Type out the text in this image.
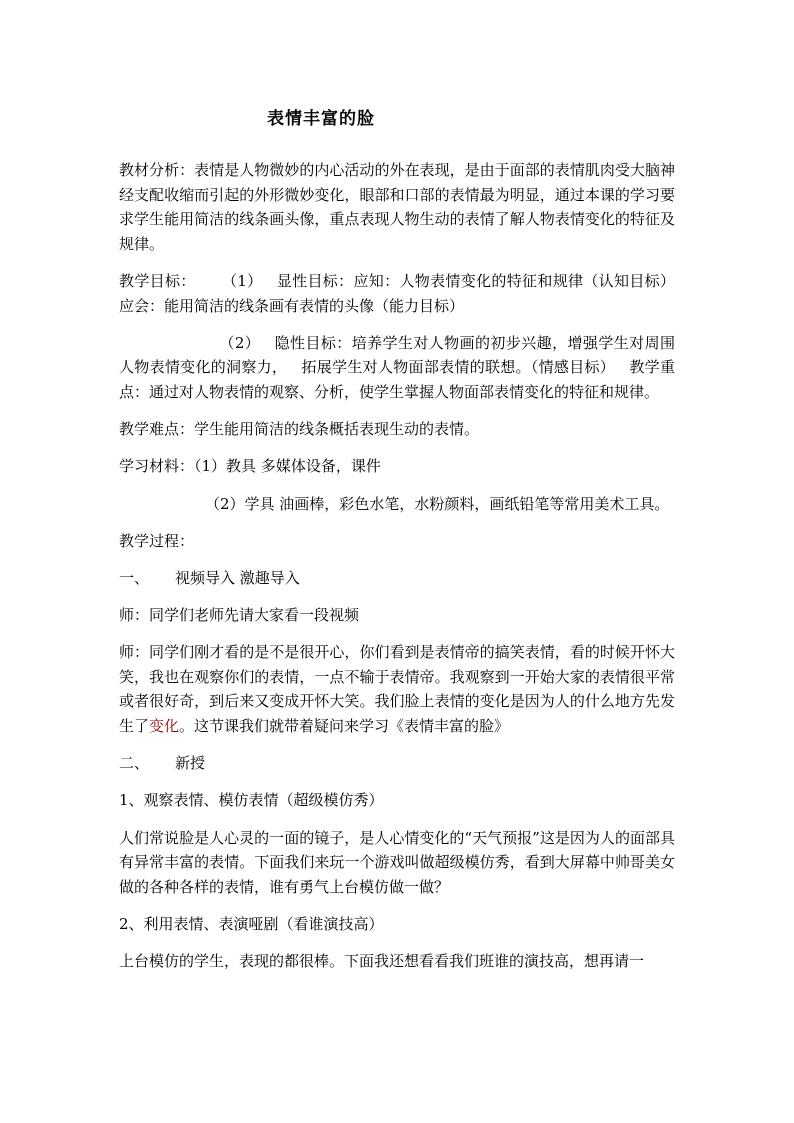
表情丰富的脸

教材分析：表情是人物微妙的内心活动的外在表现，是由于面部的表情肌肉受大脑神经支配收缩而引起的外形微妙变化，眼部和口部的表情最为明显，通过本课的学习要求学生能用简洁的线条画头像，重点表现人物生动的表情了解人物表情变化的特征及规律。

教学目标： （1） 显性目标：应知：人物表情变化的特征和规律（认知目标）应会：能用简洁的线条画有表情的头像（能力目标）

（2） 隐性目标：培养学生对人物画的初步兴趣，增强学生对周围人物表情变化的洞察力， 拓展学生对人物面部表情的联想。（情感目标） 教学重点：通过对人物表情的观察、分析，使学生掌握人物面部表情变化的特征和规律。

教学难点：学生能用简洁的线条概括表现生动的表情。

学习材料：（1）教具 多媒体设备，课件

（2）学具 油画棒，彩色水笔，水粉颜料，画纸铅笔等常用美术工具。

教学过程：

一、 视频导入 激趣导入

师：同学们老师先请大家看一段视频

师：同学们刚才看的是不是很开心，你们看到是表情帝的搞笑表情，看的时候开怀大笑，我也在观察你们的表情，一点不输于表情帝。我观察到一开始大家的表情很平常或者很好奇，到后来又变成开怀大笑。我们脸上表情的变化是因为人的什么地方先发生了变化。这节课我们就带着疑问来学习《表情丰富的脸》

二、 新授

1、观察表情、模仿表情（超级模仿秀）

人们常说脸是人心灵的一面的镜子，是人心情变化的“天气预报”这是因为人的面部具有异常丰富的表情。下面我们来玩一个游戏叫做超级模仿秀，看到大屏幕中帅哥美女做的各种各样的表情，谁有勇气上台模仿做一做？

2、利用表情、表演哑剧（看谁演技高）

上台模仿的学生，表现的都很棒。下面我还想看看我们班谁的演技高，想再请一
